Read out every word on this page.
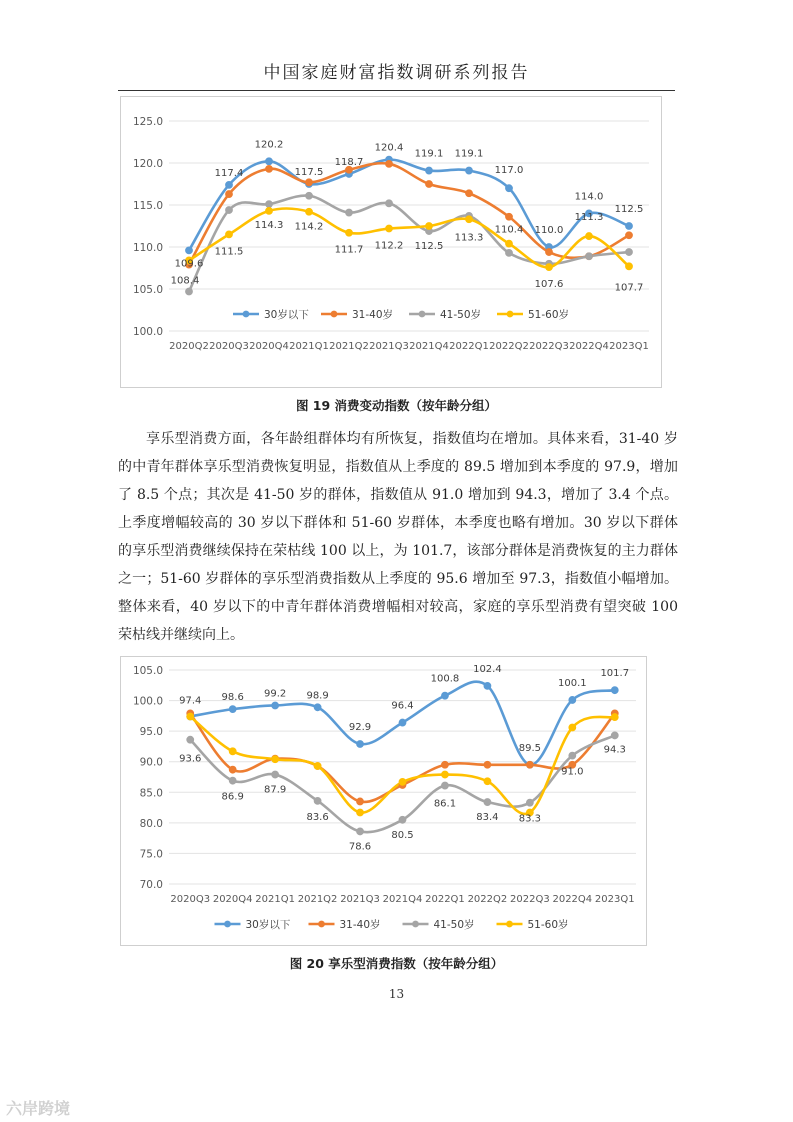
中国家庭财富指数调研系列报告
100.0
105.0
110.0
115.0
120.0
125.0
2020Q2 2020Q3 2020Q4 2021Q1 2021Q2 2021Q3 2021Q4 2022Q1 2022Q2 2022Q3 2022Q4 2023Q1
109.6
117.4
120.2
117.5
118.7
120.4
119.1 119.1
117.0
110.0
114.0
112.5
108.4
111.5
114.3 114.2
111.7 112.2 112.5
113.3
110.4
107.6
111.3
107.7
30岁以下	31-40岁	41-50岁	51-60岁
图 19 消费变动指数（按年龄分组）
享乐型消费方面，各年龄组群体均有所恢复，指数值均在增加。具体来看，31-40 岁的中青年群体享乐型消费恢复明显，指数值从上季度的 89.5 增加到本季度的 97.9，增加了 8.5 个点；其次是 41-50 岁的群体，指数值从 91.0 增加到 94.3，增加了 3.4 个点。上季度增幅较高的 30 岁以下群体和 51-60 岁群体，本季度也略有增加。30 岁以下群体的享乐型消费继续保持在荣枯线 100 以上，为 101.7，该部分群体是消费恢复的主力群体之一；51-60 岁群体的享乐型消费指数从上季度的 95.6 增加至 97.3，指数值小幅增加。整体来看，40 岁以下的中青年群体消费增幅相对较高，家庭的享乐型消费有望突破 100 荣枯线并继续向上。
70.0
75.0
80.0
85.0
90.0
95.0
100.0
105.0
2020Q3 2020Q4 2021Q1 2021Q2 2021Q3 2021Q4 2022Q1 2022Q2 2022Q3 2022Q4 2023Q1
97.4 98.6 99.2 98.9
92.9
96.4
100.8
102.4
89.5
100.1
101.7
93.6
86.9
87.9
83.6
78.6
80.5
86.1
83.4 83.3
91.0
94.3
30岁以下	31-40岁	41-50岁	51-60岁
图 20 享乐型消费指数（按年龄分组）
13
六岸跨境
